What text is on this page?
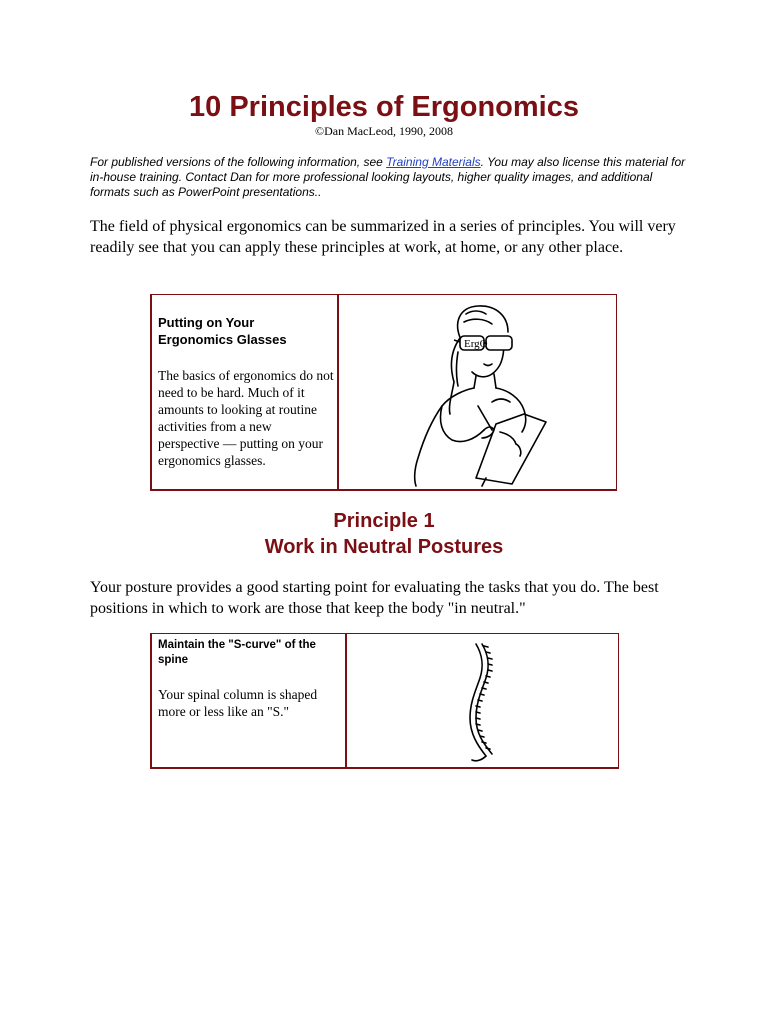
10 Principles of Ergonomics
©Dan MacLeod, 1990, 2008

For published versions of the following information, see Training Materials. You may also license this material for in-house training. Contact Dan for more professional looking layouts, higher quality images, and additional formats such as PowerPoint presentations..

The field of physical ergonomics can be summarized in a series of principles. You will very readily see that you can apply these principles at work, at home, or any other place.

Putting on Your Ergonomics Glasses

The basics of ergonomics do not need to be hard. Much of it amounts to looking at routine activities from a new perspective — putting on your ergonomics glasses.

ErgO
Principle 1
Work in Neutral Postures

Your posture provides a good starting point for evaluating the tasks that you do. The best positions in which to work are those that keep the body "in neutral."

Maintain the "S-curve" of the spine

Your spinal column is shaped more or less like an "S."
